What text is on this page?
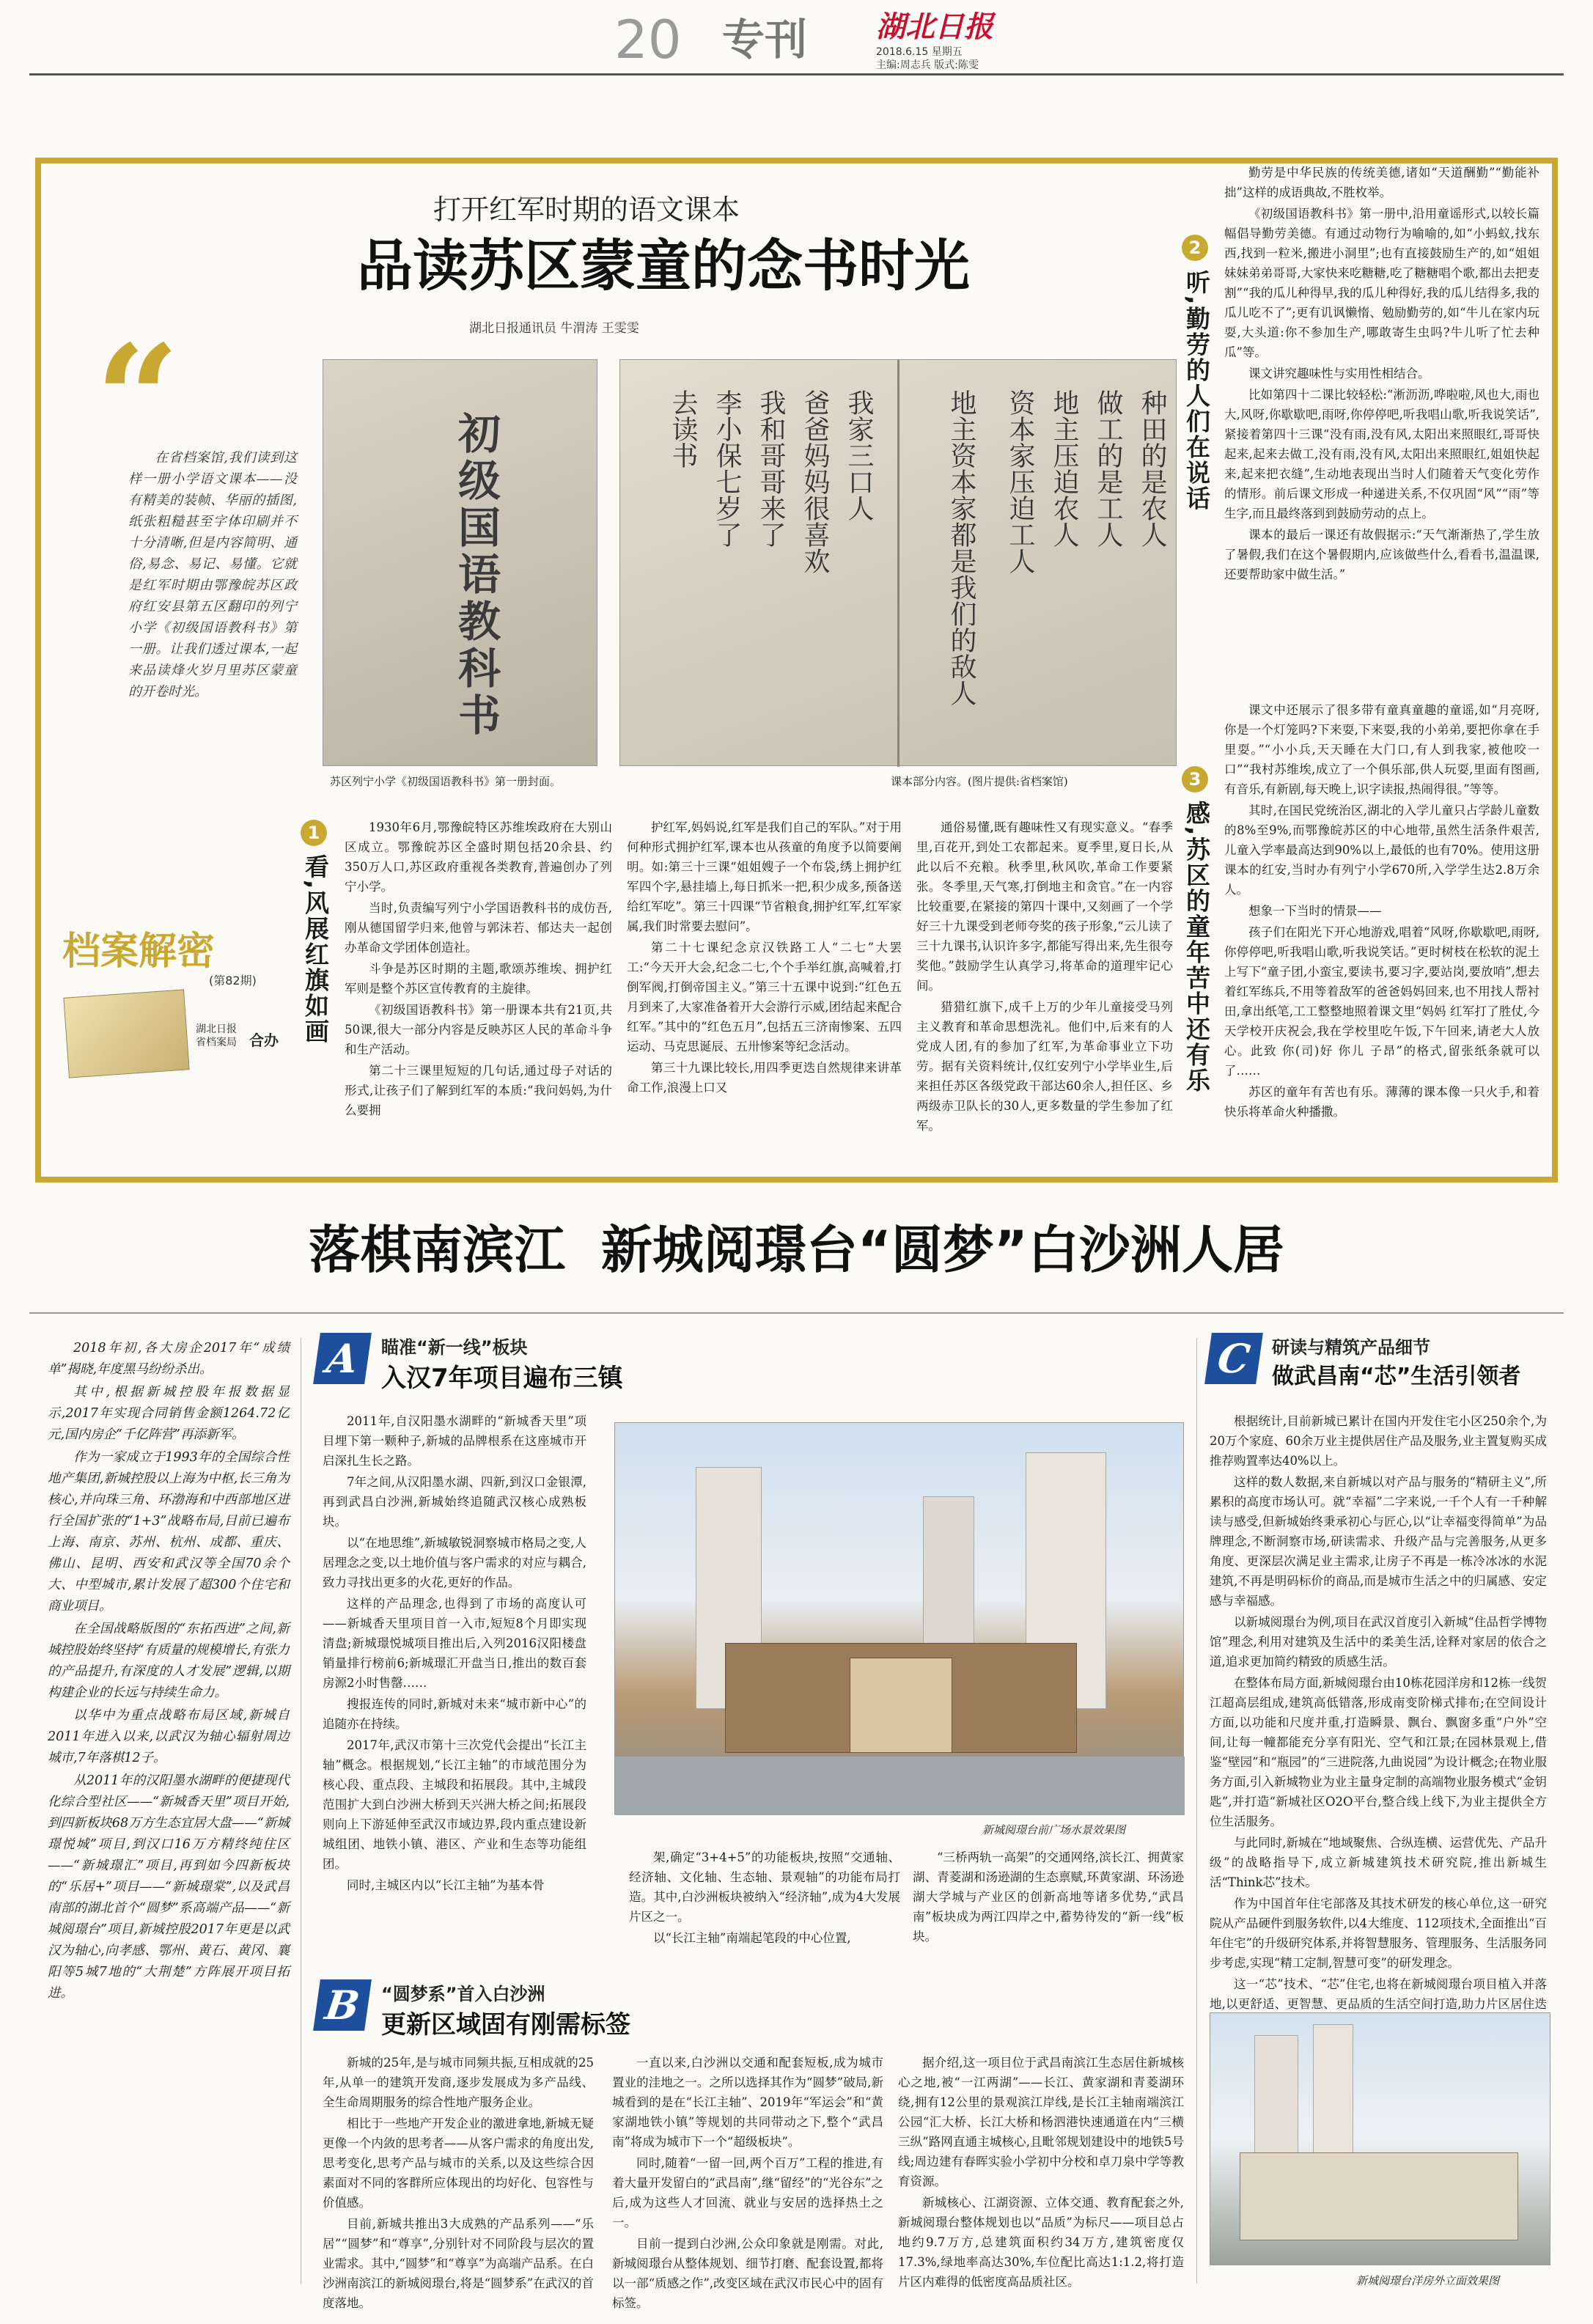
20 专刊 湖北日报
2018.6.15 星期五
主编:周志兵 版式:陈雯
打开红军时期的语文课本
品读苏区蒙童的念书时光
湖北日报通讯员 牛渭涛 王雯雯
“

在省档案馆,我们读到这样一册小学语文课本——没有精美的装帧、华丽的插图,纸张粗糙甚至字体印刷并不十分清晰,但是内容简明、通俗,易念、易记、易懂。它就是红军时期由鄂豫皖苏区政府红安县第五区翻印的列宁小学《初级国语教科书》第一册。让我们透过课本,一起来品读烽火岁月里苏区蒙童的开卷时光。

档案解密
(第82期)
湖北日报 省档案局 合办
初级国语教科书	种田的是农人
做工的是工人
地主压迫农人
资本家压迫工人
地主资本家都是我们的敌人
我家三口人
爸爸妈妈很喜欢
我和哥哥来了
李小保七岁了
去读书
苏区列宁小学《初级国语教科书》第一册封面。	课本部分内容。(图片提供:省档案馆)
1
看,风展红旗如画

1930年6月,鄂豫皖特区苏维埃政府在大别山区成立。鄂豫皖苏区全盛时期包括20余县、约350万人口,苏区政府重视各类教育,普遍创办了列宁小学。

当时,负责编写列宁小学国语教科书的成仿吾,刚从德国留学归来,他曾与郭沫若、郁达夫一起创办革命文学团体创造社。

斗争是苏区时期的主题,歌颂苏维埃、拥护红军则是整个苏区宣传教育的主旋律。

《初级国语教科书》第一册课本共有21页,共50课,很大一部分内容是反映苏区人民的革命斗争和生产活动。

第二十三课里短短的几句话,通过母子对话的形式,让孩子们了解到红军的本质:“我问妈妈,为什么要拥

护红军,妈妈说,红军是我们自己的军队。”对于用何种形式拥护红军,课本也从孩童的角度予以简要阐明。如:第三十三课“姐姐嫂子一个布袋,绣上拥护红军四个字,悬挂墙上,每日抓米一把,积少成多,预备送给红军吃”。第三十四课“节省粮食,拥护红军,红军家属,我们时常要去慰问”。

第二十七课纪念京汉铁路工人“二七”大罢工:“今天开大会,纪念二七,个个手举红旗,高喊着,打倒军阀,打倒帝国主义。”第三十五课中说到:“红色五月到来了,大家准备着开大会游行示威,团结起来配合红军。”其中的“红色五月”,包括五三济南惨案、五四运动、马克思诞辰、五卅惨案等纪念活动。

第三十九课比较长,用四季更迭自然规律来讲革命工作,浪漫上口又

通俗易懂,既有趣味性又有现实意义。“春季里,百花开,到处工农都起来。夏季里,夏日长,从此以后不充粮。秋季里,秋风吹,革命工作要紧张。冬季里,天气寒,打倒地主和贪官。”在一内容比较重要,在紧接的第四十课中,又刻画了一个学好三十九课受到老师夸奖的孩子形象,“云儿读了三十九课书,认识许多字,都能写得出来,先生很夸奖他。”鼓励学生认真学习,将革命的道理牢记心间。

猎猎红旗下,成千上万的少年儿童接受马列主义教育和革命思想洗礼。他们中,后来有的人党成人团,有的参加了红军,为革命事业立下功劳。据有关资料统计,仅红安列宁小学毕业生,后来担任苏区各级党政干部达60余人,担任区、乡两级赤卫队长的30人,更多数量的学生参加了红军。

2
听,勤劳的人们在说话
3
感,苏区的童年苦中还有乐

勤劳是中华民族的传统美德,诸如“天道酬勤”“勤能补拙”这样的成语典故,不胜枚举。

《初级国语教科书》第一册中,沿用童谣形式,以较长篇幅倡导勤劳美德。有通过动物行为喻喻的,如“小蚂蚁,找东西,找到一粒米,搬进小洞里”;也有直接鼓励生产的,如“姐姐妹妹弟弟哥哥,大家快来吃糖糖,吃了糖糖唱个歌,都出去把麦割”“我的瓜儿种得早,我的瓜儿种得好,我的瓜儿结得多,我的瓜儿吃不了”;更有讥讽懒惰、勉励勤劳的,如“牛儿在家内玩耍,大头道:你不参加生产,哪敢寄生虫吗?牛儿听了忙去种瓜”等。

课文讲究趣味性与实用性相结合。

比如第四十二课比较轻松:“淅沥沥,哗啦啦,风也大,雨也大,风呀,你歇歇吧,雨呀,你停停吧,听我唱山歌,听我说笑话”,紧接着第四十三课“没有雨,没有风,太阳出来照眼红,哥哥快起来,起来去做工,没有雨,没有风,太阳出来照眼红,姐姐快起来,起来把衣缝”,生动地表现出当时人们随着天气变化劳作的情形。前后课文形成一种递进关系,不仅巩固“风”“雨”等生字,而且最终落到到鼓励劳动的点上。

课本的最后一课还有故假据示:“天气渐渐热了,学生放了暑假,我们在这个暑假期内,应该做些什么,看看书,温温课,还要帮助家中做生活。”

课文中还展示了很多带有童真童趣的童谣,如“月亮呀,你是一个灯笼吗?下来耍,下来耍,我的小弟弟,要把你拿在手里耍。”“小小兵,天天睡在大门口,有人到我家,被他咬一口”“我村苏维埃,成立了一个俱乐部,供人玩耍,里面有图画,有音乐,有新剧,每天晚上,识字读报,热闹得很。”等等。

其时,在国民党统治区,湖北的入学儿童只占学龄儿童数的8%至9%,而鄂豫皖苏区的中心地带,虽然生活条件艰苦,儿童入学率最高达到90%以上,最低的也有70%。使用这册课本的红安,当时办有列宁小学670所,入学学生达2.8万余人。

想象一下当时的情景——

孩子们在阳光下开心地游戏,唱着“风呀,你歇歇吧,雨呀,你停停吧,听我唱山歌,听我说笑话。”更时树枝在松软的泥土上写下“童子团,小蛮宝,要读书,要习字,要站岗,要放哨”,想去着红军练兵,不用等着敌军的爸爸妈妈回来,也不用找人帮衬田,拿出纸笔,工工整整地照着课文里“妈妈 红军打了胜仗,今天学校开庆祝会,我在学校里吃午饭,下午回来,请老大人放心。此致 你(司)好 你儿 子昂”的格式,留张纸条就可以了……

苏区的童年有苦也有乐。薄薄的课本像一只火手,和着快乐将革命火种播撒。

落棋南滨江  新城阅璟台“圆梦”白沙洲人居

2018年初,各大房企2017年“成绩单”揭晓,年度黑马纷纷杀出。

其中,根据新城控股年报数据显示,2017年实现合同销售金额1264.72亿元,国内房企“千亿阵营”再添新军。

作为一家成立于1993年的全国综合性地产集团,新城控股以上海为中枢,长三角为核心,并向珠三角、环渤海和中西部地区进行全国扩张的“1+3”战略布局,目前已遍布上海、南京、苏州、杭州、成都、重庆、佛山、昆明、西安和武汉等全国70余个大、中型城市,累计发展了超300个住宅和商业项目。

在全国战略版图的“东拓西进”之间,新城控股始终坚持“有质量的规模增长,有张力的产品提升,有深度的人才发展”逻辑,以期构建企业的长远与持续生命力。

以华中为重点战略布局区域,新城自2011年进入以来,以武汉为轴心辐射周边城市,7年落棋12子。

从2011年的汉阳墨水湖畔的便捷现代化综合型社区——“新城香天里”项目开始,到四新板块68万方生态宜居大盘——“新城璟悦城”项目,到汉口16万方精终纯住区——“新城璟汇”项目,再到如今四新板块的“乐居+”项目——“新城璟棠”,以及武昌南部的湖北首个“圆梦”系高端产品——“新城阅璟台”项目,新城控股2017年更是以武汉为轴心,向孝感、鄂州、黄石、黄冈、襄阳等5城7地的“大荆楚”方阵展开项目拓进。

A	瞄准“新一线”板块
入汉7年项目遍布三镇

2011年,自汉阳墨水湖畔的“新城香天里”项目埋下第一颗种子,新城的品牌根系在这座城市开启深扎生长之路。

7年之间,从汉阳墨水湖、四新,到汉口金银潭,再到武昌白沙洲,新城始终追随武汉核心成熟板块。

以“在地思维”,新城敏锐洞察城市格局之变,人居理念之变,以土地价值与客户需求的对应与耦合,致力寻找出更多的火花,更好的作品。

这样的产品理念,也得到了市场的高度认可——新城香天里项目首一入市,短短8个月即实现清盘;新城璟悦城项目推出后,入列2016汉阳楼盘销量排行榜前6;新城璟汇开盘当日,推出的数百套房源2小时售罄……

搜报连传的同时,新城对未来“城市新中心”的追随亦在持续。

2017年,武汉市第十三次党代会提出“长江主轴”概念。根据规划,“长江主轴”的市域范围分为核心段、重点段、主城段和拓展段。其中,主城段范围扩大到白沙洲大桥到天兴洲大桥之间;拓展段则向上下游延伸至武汉市域边界,段内重点建设新城组团、地铁小镇、港区、产业和生态等功能组团。

同时,主城区内以“长江主轴”为基本骨

新城阅璟台前广场水景效果图

架,确定“3+4+5”的功能板块,按照“交通轴、经济轴、文化轴、生态轴、景观轴”的功能布局打造。其中,白沙洲板块被纳入“经济轴”,成为4大发展片区之一。

以“长江主轴”南端起笔段的中心位置,

“三桥两轨一高架”的交通网络,滨长江、拥黄家湖、青菱湖和汤逊湖的生态禀赋,环黄家湖、环汤逊湖大学城与产业区的创新高地等诸多优势,“武昌南”板块成为两江四岸之中,蓄势待发的“新一线”板块。

B	“圆梦系”首入白沙洲
更新区域固有刚需标签

新城的25年,是与城市同频共振,互相成就的25年,从单一的建筑开发商,逐步发展成为多产品线、全生命周期服务的综合性地产服务企业。

相比于一些地产开发企业的激进拿地,新城无疑更像一个内敛的思考者——从客户需求的角度出发,思考变化,思考产品与城市的关系,以及这些综合因素面对不同的客群所应体现出的均好化、包容性与价值感。

目前,新城共推出3大成熟的产品系列——“乐居”“圆梦”和“尊享”,分别针对不同阶段与层次的置业需求。其中,“圆梦”和“尊享”为高端产品系。在白沙洲南滨江的新城阅璟台,将是“圆梦系”在武汉的首度落地。

一直以来,白沙洲以交通和配套短板,成为城市置业的洼地之一。之所以选择其作为“圆梦”破局,新城看到的是在“长江主轴”、2019年“军运会”和“黄家湖地铁小镇”等规划的共同带动之下,整个“武昌南”将成为城市下一个“超级板块”。

同时,随着“一留一回,两个百万”工程的推进,有着大量开发留白的“武昌南”,继“留经”的“光谷东”之后,成为这些人才回流、就业与安居的选择热土之一。

目前一提到白沙洲,公众印象就是刚需。对此,新城阅璟台从整体规划、细节打磨、配套设置,都将以一部“质感之作”,改变区域在武汉市民心中的固有标签。

据介绍,这一项目位于武昌南滨江生态居住新城核心之地,被“一江两湖”——长江、黄家湖和青菱湖环绕,拥有12公里的景观滨江岸线,是长江主轴南端滨江公园“汇大桥、长江大桥和杨泗港快速通道在内“三横三纵”路网直通主城核心,且毗邻规划建设中的地铁5号线;周边建有春晖实验小学初中分校和卓刀泉中学等教育资源。

新城核心、江湖资源、立体交通、教育配套之外,新城阅璟台整体规划也以“品质”为标尺——项目总占地约9.7万方,总建筑面积约34万方,建筑密度仅17.3%,绿地率高达30%,车位配比高达1:1.2,将打造片区内难得的低密度高品质社区。

C	研读与精筑产品细节
做武昌南“芯”生活引领者

根据统计,目前新城已累计在国内开发住宅小区250余个,为20万个家庭、60余万业主提供居住产品及服务,业主置复购买成推荐购置率达40%以上。

这样的数人数据,来自新城以对产品与服务的“精研主义”,所累积的高度市场认可。就“幸福”二字来说,一千个人有一千种解读与感受,但新城始终秉承初心与匠心,以“让幸福变得简单”为品牌理念,不断洞察市场,研读需求、升级产品与完善服务,从更多角度、更深层次满足业主需求,让房子不再是一栋冷冰冰的水泥建筑,不再是明码标价的商品,而是城市生活之中的归属感、安定感与幸福感。

以新城阅璟台为例,项目在武汉首度引入新城“住品哲学博物馆”理念,利用对建筑及生活中的柔美生活,诠释对家居的依合之道,追求更加简约精致的质感生活。

在整体布局方面,新城阅璟台由10栋花园洋房和12栋一线贺江超高层组成,建筑高低错落,形成南变阶梯式排布;在空间设计方面,以功能和尺度并重,打造瞬景、飘台、飘窗多重“户外”空间,让每一幢都能充分享有阳光、空气和江景;在园林景观上,借鉴“壁园”和“瓶园”的“三进院落,九曲说园”为设计概念;在物业服务方面,引入新城物业为业主量身定制的高端物业服务模式“金钥匙”,并打造“新城社区O2O平台,整合线上线下,为业主提供全方位生活服务。

与此同时,新城在“地域聚焦、合纵连横、运营优先、产品升级”的战略指导下,成立新城建筑技术研究院,推出新城生活“Think芯”技术。

作为中国首年住宅部落及其技术研发的核心单位,这一研究院从产品硬件到服务软件,以4大维度、112项技术,全面推出“百年住宅”的升级研究体系,并将智慧服务、管理服务、生活服务同步考虑,实现“精工定制,智慧可变”的研发理念。

这一“芯”技术、“芯”住宅,也将在新城阅璟台项目植入并落地,以更舒适、更智慧、更品质的生活空间打造,助力片区居住迭

新城阅璟台洋房外立面效果图
